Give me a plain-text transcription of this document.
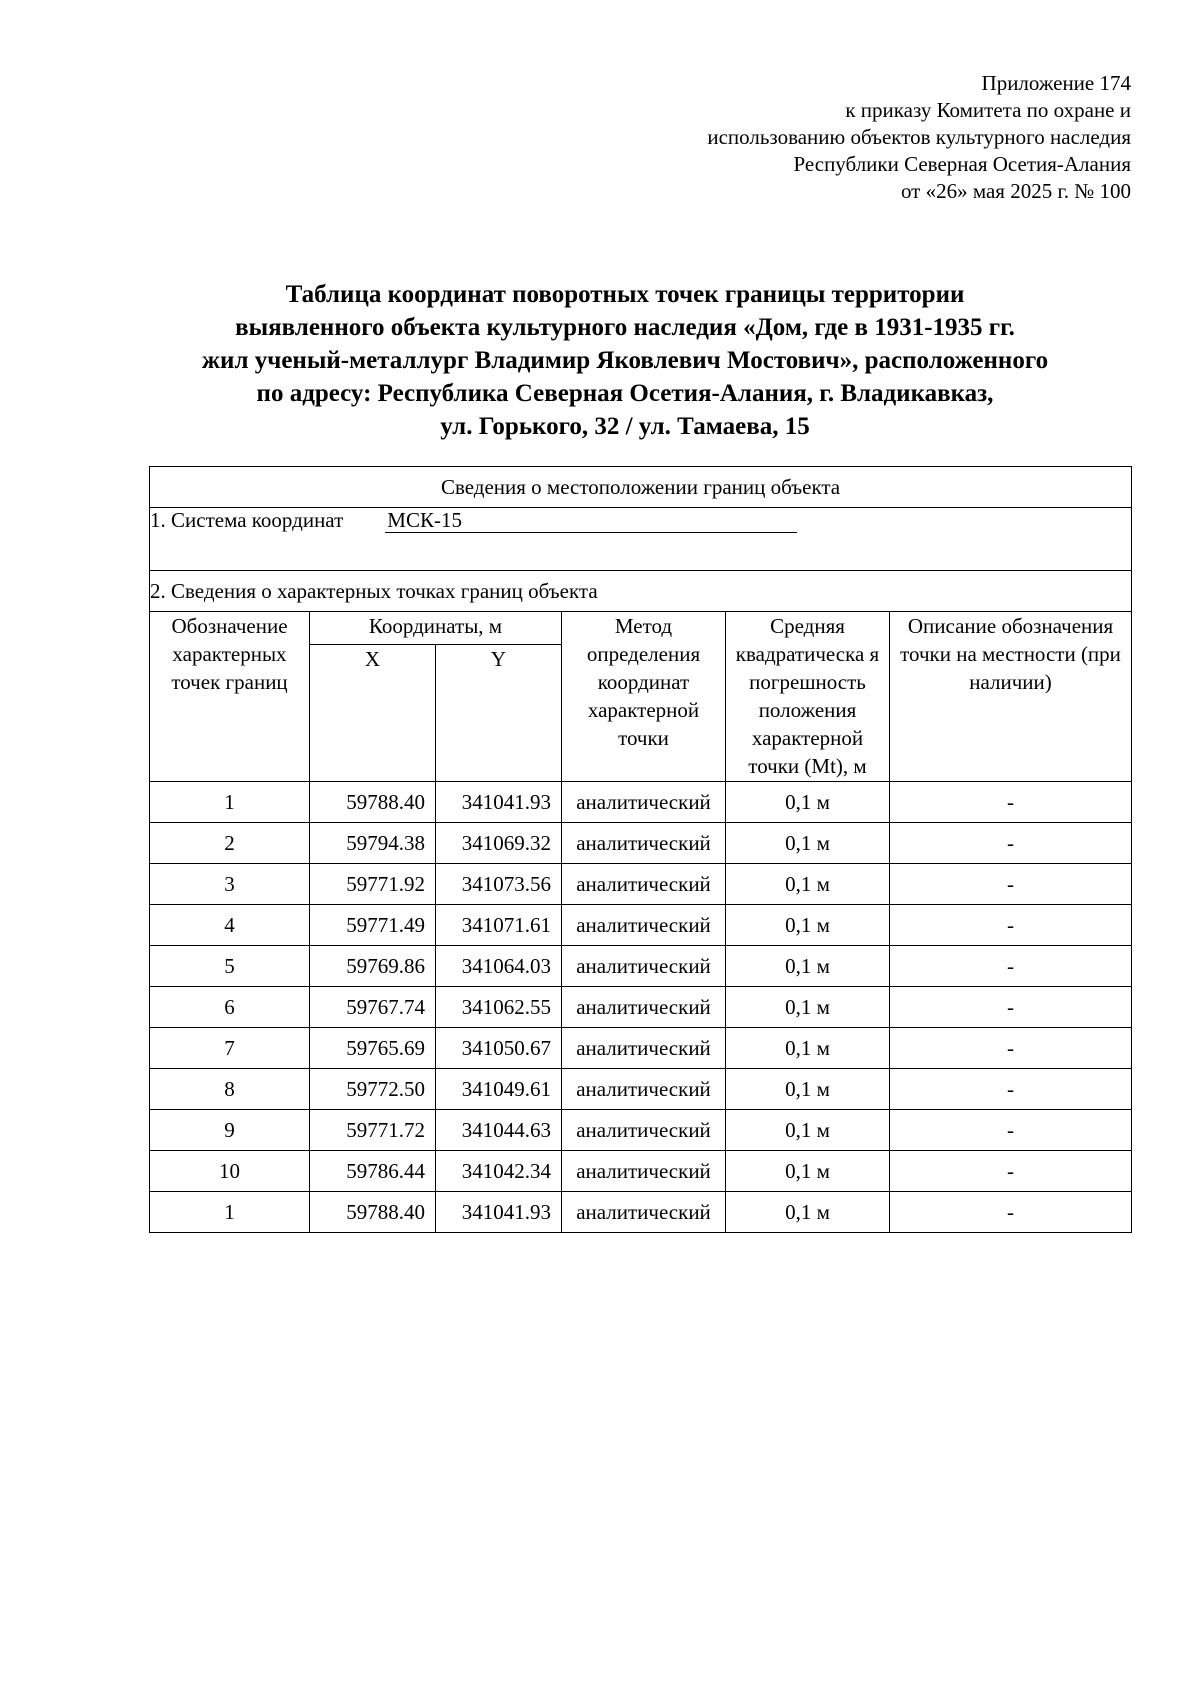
Приложение 174
к приказу Комитета по охране и
использованию объектов культурного наследия
Республики Северная Осетия-Алания
от «26» мая 2025 г. № 100
Таблица координат поворотных точек границы территории
выявленного объекта культурного наследия «Дом, где в 1931-1935 гг.
жил ученый-металлург Владимир Яковлевич Мостович», расположенного
по адресу: Республика Северная Осетия-Алания, г. Владикавказ,
ул. Горького, 32 / ул. Тамаева, 15
Сведения о местоположении границ объекта					
1. Система координат МСК-15					
2. Сведения о характерных точках границ объекта					
Обозначение характерных точек границ	Координаты, м		Метод определения координат характерной точки	Средняя квадратическа я погрешность положения характерной точки (Mt), м	Описание обозначения точки на местности (при наличии)
	X	Y			
1	59788.40	341041.93	аналитический	0,1 м	-
2	59794.38	341069.32	аналитический	0,1 м	-
3	59771.92	341073.56	аналитический	0,1 м	-
4	59771.49	341071.61	аналитический	0,1 м	-
5	59769.86	341064.03	аналитический	0,1 м	-
6	59767.74	341062.55	аналитический	0,1 м	-
7	59765.69	341050.67	аналитический	0,1 м	-
8	59772.50	341049.61	аналитический	0,1 м	-
9	59771.72	341044.63	аналитический	0,1 м	-
10	59786.44	341042.34	аналитический	0,1 м	-
1	59788.40	341041.93	аналитический	0,1 м	-
